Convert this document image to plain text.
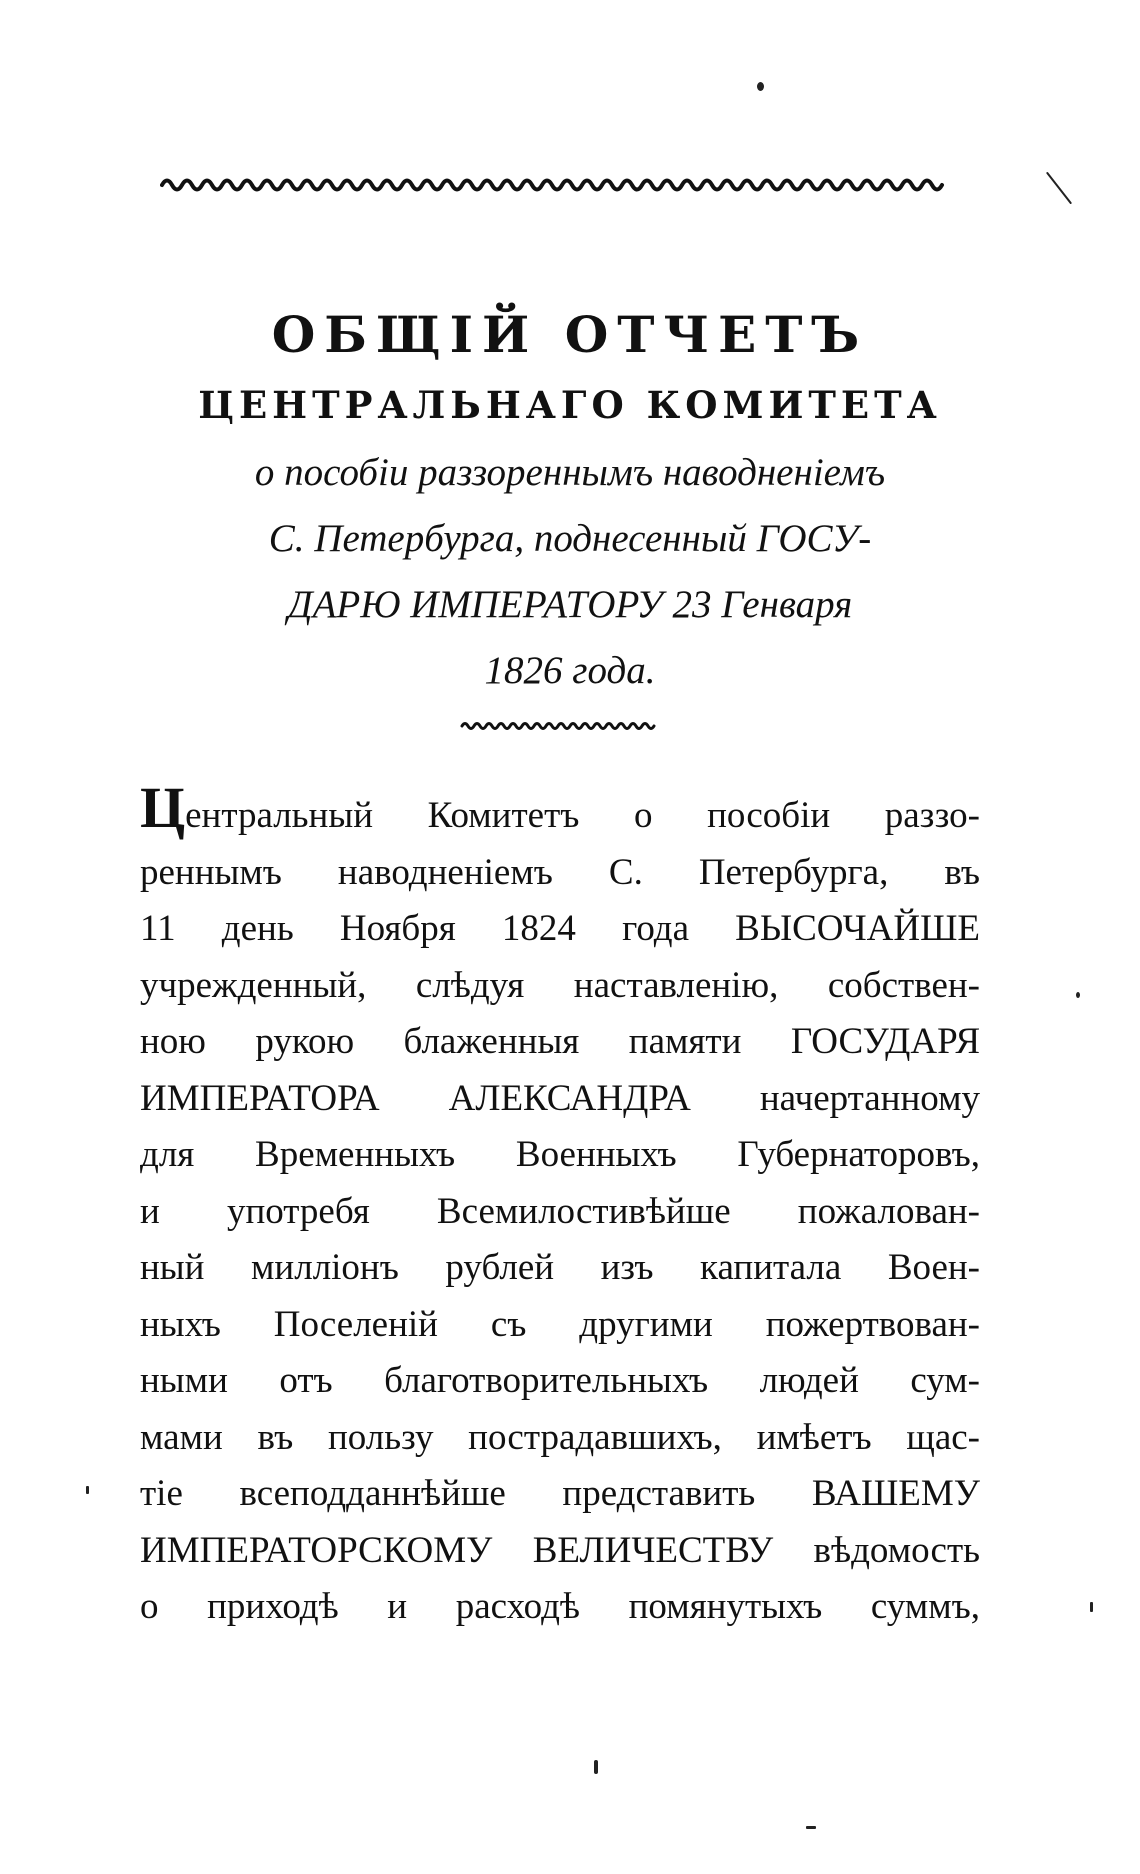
ОБЩІЙ ОТЧЕТЪ

ЦЕНТРАЛЬНАГО КОМИТЕТА

о пособіи раззореннымъ наводненіемъ

С. Петербурга, поднесенный ГОСУ-

ДАРЮ ИМПЕРАТОРУ 23 Генваря

1826 года.

Центральный Комитетъ о пособіи раззо-
реннымъ наводненіемъ С. Петербурга, въ
11 день Ноября 1824 года ВЫСОЧАЙШЕ
учрежденный, слѣдуя наставленію, собствен-
ною рукою блаженныя памяти ГОСУДАРЯ
ИМПЕРАТОРА АЛЕКСАНДРА начертанному
для Временныхъ Военныхъ Губернаторовъ,
и употребя Всемилостивѣйше пожалован-
ный милліонъ рублей изъ капитала Воен-
ныхъ Поселеній съ другими пожертвован-
ными отъ благотворительныхъ людей сум-
мами въ пользу пострадавшихъ, имѣетъ щас-
тіе всеподданнѣйше представить ВАШЕМУ
ИМПЕРАТОРСКОМУ ВЕЛИЧЕСТВУ вѣдомость
о приходѣ и расходѣ помянутыхъ суммъ,
